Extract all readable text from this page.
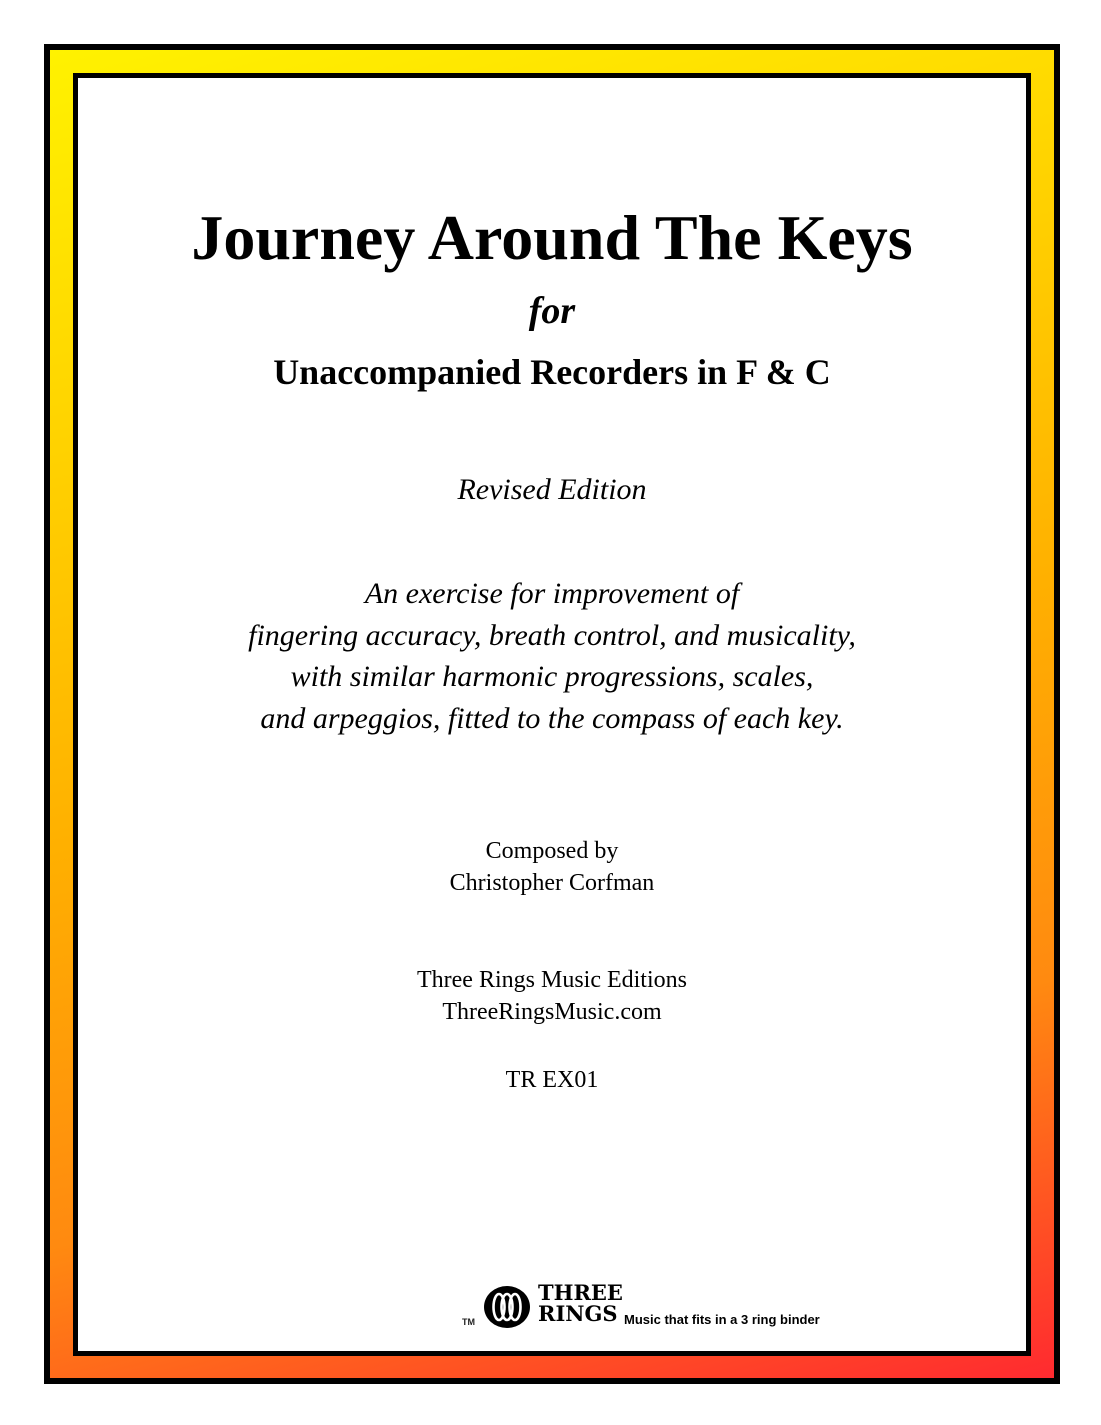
Journey Around The Keys
for
Unaccompanied Recorders in F & C
Revised Edition
An exercise for improvement of
fingering accuracy, breath control, and musicality,
with similar harmonic progressions, scales,
and arpeggios, fitted to the compass of each key.
Composed by
Christopher Corfman
Three Rings Music Editions
ThreeRingsMusic.com
TR EX01
TM
THREE
RINGS Music that fits in a 3 ring binder
